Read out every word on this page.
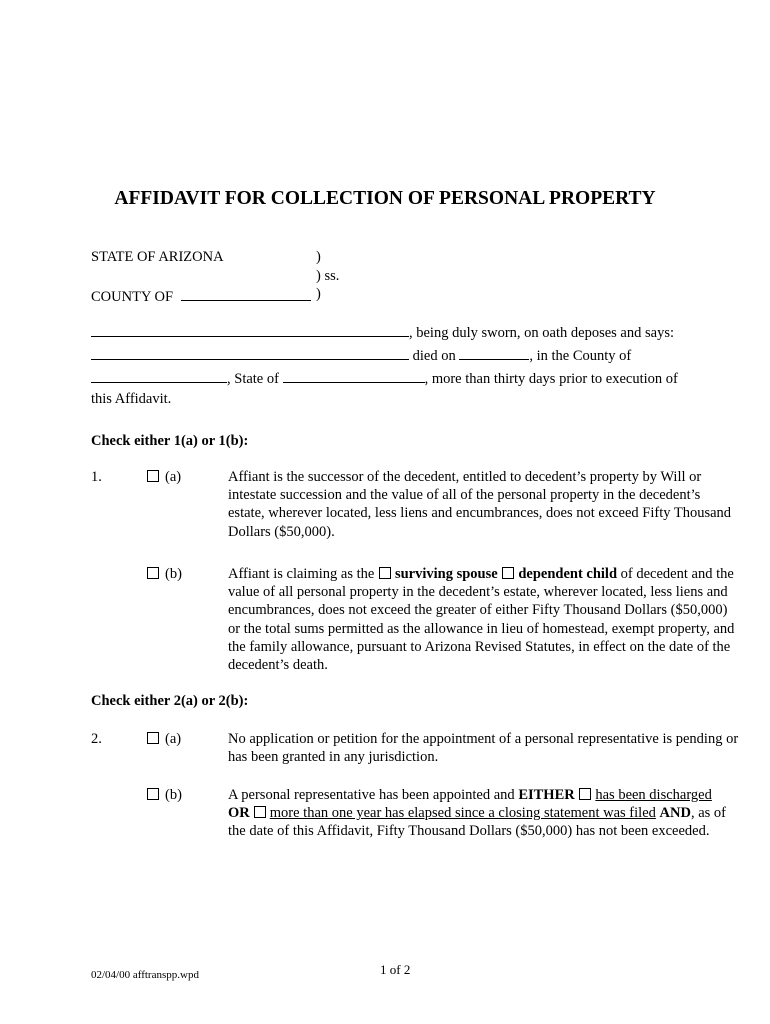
AFFIDAVIT FOR COLLECTION OF PERSONAL PROPERTY
STATE OF ARIZONA	)
) ss.
COUNTY OF	)
, being duly sworn, on oath deposes and says:
died on	, in the County of
, State of	, more than thirty days prior to execution of
this Affidavit.
Check either 1(a) or 1(b):
1.	(a)	Affiant is the successor of the decedent, entitled to decedent’s property by Will or intestate succession and the value of all of the personal property in the decedent’s estate, wherever located, less liens and encumbrances, does not exceed Fifty Thousand Dollars ($50,000).
(b)	Affiant is claiming as the surviving spouse dependent child of decedent and the value of all personal property in the decedent’s estate, wherever located, less liens and encumbrances, does not exceed the greater of either Fifty Thousand Dollars ($50,000) or the total sums permitted as the allowance in lieu of homestead, exempt property, and the family allowance, pursuant to Arizona Revised Statutes, in effect on the date of the decedent’s death.
Check either 2(a) or 2(b):
2.	(a)	No application or petition for the appointment of a personal representative is pending or has been granted in any jurisdiction.
(b)	A personal representative has been appointed and EITHER has been discharged OR more than one year has elapsed since a closing statement was filed AND, as of the date of this Affidavit, Fifty Thousand Dollars ($50,000) has not been exceeded.
02/04/00 afftranspp.wpd	1 of 2
